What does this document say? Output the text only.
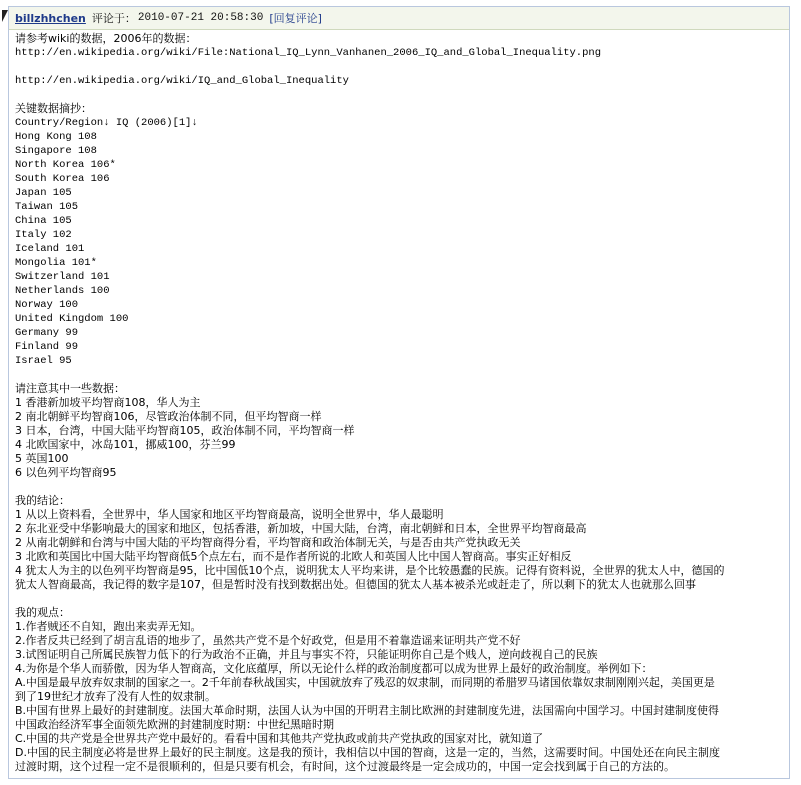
billzhhchen 评论于： 2010-07-21 20:58:30 [回复评论]
请参考wiki的数据，2006年的数据：
http://en.wikipedia.org/wiki/File:National_IQ_Lynn_Vanhanen_2006_IQ_and_Global_Inequality.png
http://en.wikipedia.org/wiki/IQ_and_Global_Inequality
关键数据摘抄：
Country/Region↓ IQ (2006)[1]↓
Hong Kong 108
Singapore 108
North Korea 106*
South Korea 106
Japan 105
Taiwan 105
China 105
Italy 102
Iceland 101
Mongolia 101*
Switzerland 101
Netherlands 100
Norway 100
United Kingdom 100
Germany 99
Finland 99
Israel 95
请注意其中一些数据：
1 香港新加坡平均智商108，华人为主
2 南北朝鲜平均智商106，尽管政治体制不同，但平均智商一样
3 日本，台湾，中国大陆平均智商105，政治体制不同，平均智商一样
4 北欧国家中，冰岛101，挪威100，芬兰99
5 英国100
6 以色列平均智商95
我的结论：
1 从以上资料看，全世界中，华人国家和地区平均智商最高，说明全世界中，华人最聪明
2 东北亚受中华影响最大的国家和地区，包括香港，新加坡，中国大陆，台湾，南北朝鲜和日本，全世界平均智商最高
2 从南北朝鲜和台湾与中国大陆的平均智商得分看，平均智商和政治体制无关，与是否由共产党执政无关
3 北欧和英国比中国大陆平均智商低5个点左右，而不是作者所说的北欧人和英国人比中国人智商高。事实正好相反
4 犹太人为主的以色列平均智商是95，比中国低10个点，说明犹太人平均来讲，是个比较愚蠢的民族。记得有资料说，全世界的犹太人中，德国的
犹太人智商最高，我记得的数字是107，但是暂时没有找到数据出处。但德国的犹太人基本被杀光或赶走了，所以剩下的犹太人也就那么回事
我的观点：
1.作者贼还不自知，跑出来卖弄无知。
2.作者反共已经到了胡言乱语的地步了，虽然共产党不是个好政党，但是用不着靠造谣来证明共产党不好
3.试图证明自己所属民族智力低下的行为政治不正确，并且与事实不符，只能证明你自己是个贱人，逆向歧视自己的民族
4.为你是个华人而骄傲，因为华人智商高，文化底蕴厚，所以无论什么样的政治制度都可以成为世界上最好的政治制度。举例如下：
A.中国是最早放弃奴隶制的国家之一。2千年前春秋战国实，中国就放弃了残忍的奴隶制，而同期的希腊罗马诸国依靠奴隶制刚刚兴起，美国更是
到了19世纪才放弃了没有人性的奴隶制。
B.中国有世界上最好的封建制度。法国大革命时期，法国人认为中国的开明君主制比欧洲的封建制度先进，法国需向中国学习。中国封建制度使得
中国政治经济军事全面领先欧洲的封建制度时期：中世纪黑暗时期
C.中国的共产党是全世界共产党中最好的。看看中国和其他共产党执政或前共产党执政的国家对比，就知道了
D.中国的民主制度必将是世界上最好的民主制度。这是我的预计，我相信以中国的智商，这是一定的，当然，这需要时间。中国处还在向民主制度
过渡时期，这个过程一定不是很顺利的，但是只要有机会，有时间，这个过渡最终是一定会成功的，中国一定会找到属于自己的方法的。
